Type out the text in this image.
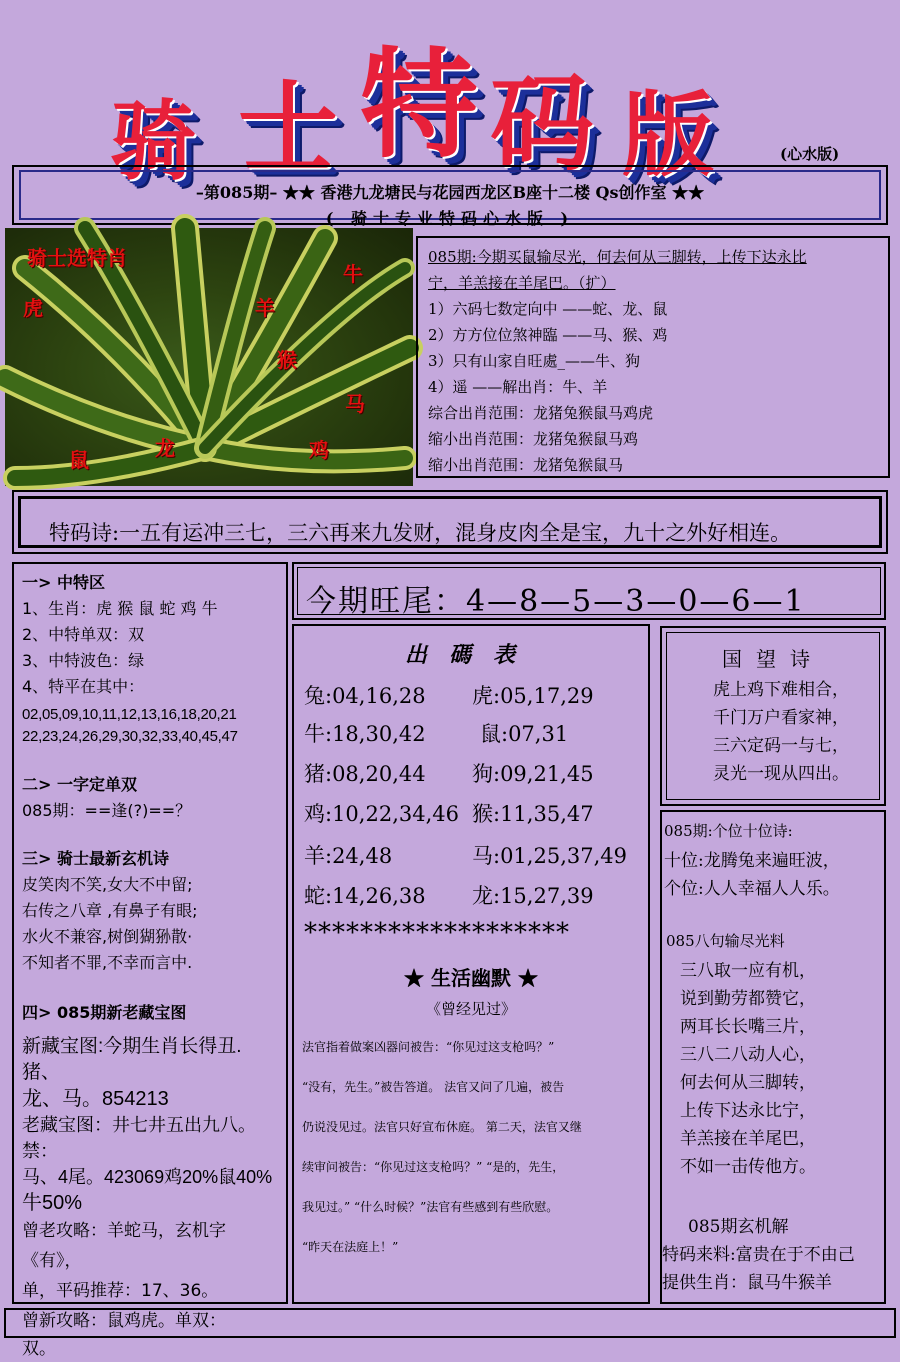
骑 士 特 码 版	(心水版)
–第085期– ★★ 香港九龙塘民与花园西龙区B座十二楼 Qs创作室 ★★
( 骑士专业特码心水版 )
骑士选特肖
虎	羊
牛
猴
马
鼠	龙	鸡
085期:今期买鼠输尽光，何去何从三脚转，上传下达永比
宁，羊羔接在羊尾巴。（扩）
1）六码七数定向中 ——蛇、龙、鼠
2）方方位位煞神臨 ——马、猴、鸡
3）只有山家自旺處_——牛、狗
4）遥 ——解出肖：牛、羊
综合出肖范围：龙猪兔猴鼠马鸡虎
缩小出肖范围：龙猪兔猴鼠马鸡
缩小出肖范围：龙猪兔猴鼠马
特码诗:一五有运冲三七，三六再来九发财，混身皮肉全是宝，九十之外好相连。
一> 中特区
1、生肖：虎 猴 鼠 蛇 鸡 牛
2、中特单双：双
3、中特波色：绿
4、特平在其中：
02,05,09,10,11,12,13,16,18,20,21
22,23,24,26,29,30,32,33,40,45,47
二> 一字定单双
085期：==逢(?)==？
三> 骑士最新玄机诗
皮笑肉不笑,女大不中留;
右传之八章 ,有鼻子有眼;
水火不兼容,树倒猢狲散·
不知者不罪,不幸而言中.
四> 085期新老藏宝图
新藏宝图:今期生肖长得丑.猪、
龙、马。854213
老藏宝图：井七井五出九八。禁：
马、4尾。423069鸡20%鼠40%
牛50%
曾老攻略：羊蛇马，玄机字《有》，
单，平码推荐：17、36。
曾新攻略：鼠鸡虎。单双：
双。
今期旺尾：4—8—5—3—0—6—1
出碼表
兔:04,16,28 虎:05,17,29
牛:18,30,42	鼠:07,31
猪:08,20,44 狗:09,21,45
鸡:10,22,34,46 猴:11,35,47
羊:24,48	马:01,25,37,49
蛇:14,26,38 龙:15,27,39
*******************
★ 生活幽默 ★
《曾经见过》
法官指着做案凶器问被告：“你见过这支枪吗？”
“没有，先生。”被告答道。 法官又问了几遍，被告
仍说没见过。法官只好宣布休庭。 第二天，法官又继
续审问被告：“你见过这支枪吗？” “是的，先生，
我见过。” “什么时候？”法官有些感到有些欣慰。
“昨天在法庭上！”
国望诗
虎上鸡下难相合，
千门万户看家神，
三六定码一与七，
灵光一现从四出。
085期:个位十位诗:
十位:龙腾兔来遍旺波，
个位:人人幸福人人乐。
085八句输尽光料
三八取一应有机，
说到勤劳都赞它，
两耳长长嘴三片，
三八二八动人心，
何去何从三脚转，
上传下达永比宁，
羊羔接在羊尾巴，
不如一击传他方。
085期玄机解
特码来料:富贵在于不由己
提供生肖：鼠马牛猴羊
